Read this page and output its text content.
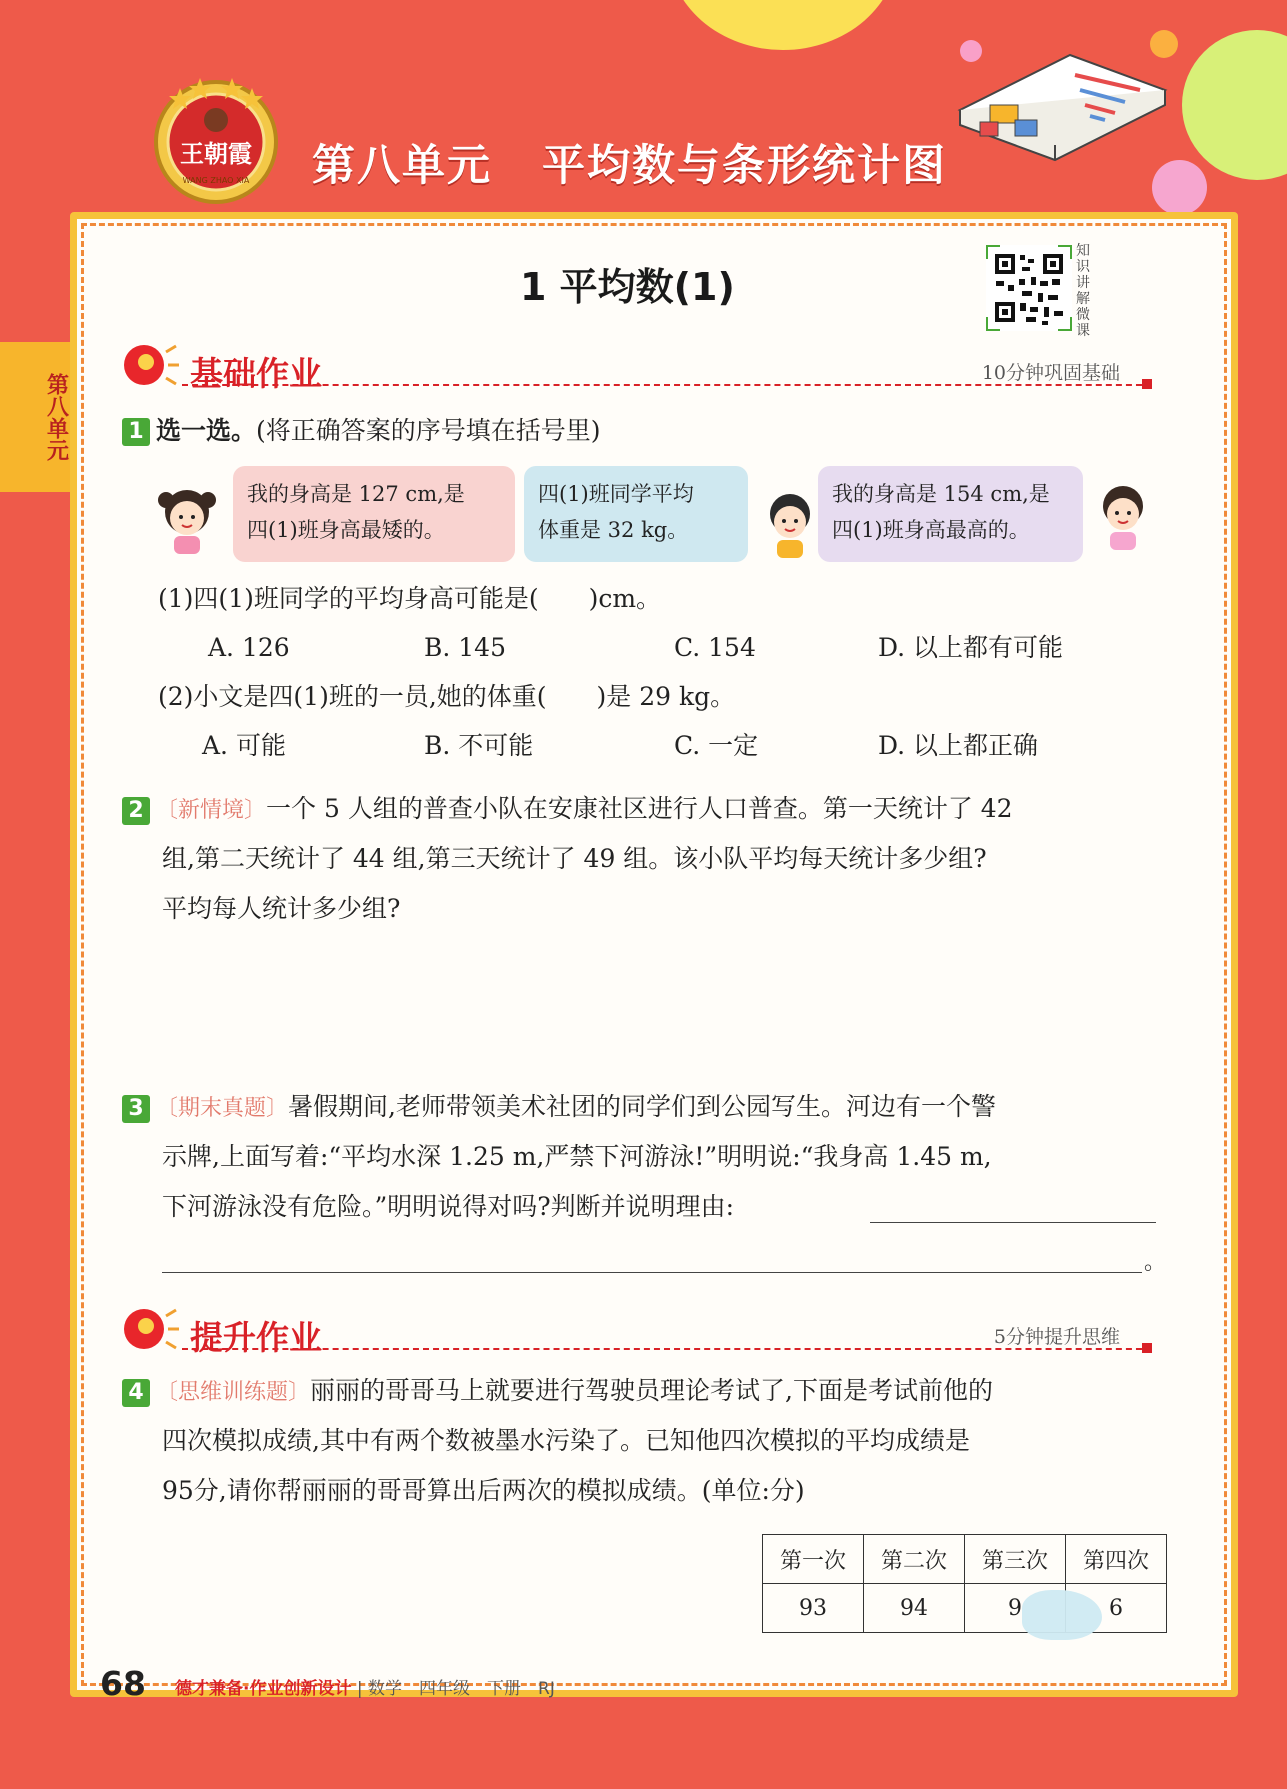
王朝霞
WANG ZHAO XIA	第八单元 平均数与条形统计图
第八单元
1 平均数(1)
知识讲解微课
基础作业	10分钟巩固基础
1 选一选。(将正确答案的序号填在括号里)
我的身高是 127 cm,是
四(1)班身高最矮的。
四(1)班同学平均
体重是 32 kg。
我的身高是 154 cm,是
四(1)班身高最高的。
(1)四(1)班同学的平均身高可能是(　　)cm。
A. 126	B. 145	C. 154	D. 以上都有可能
(2)小文是四(1)班的一员,她的体重(　　)是 29 kg。
A. 可能	B. 不可能	C. 一定	D. 以上都正确
2 〔新情境〕一个 5 人组的普查小队在安康社区进行人口普查。第一天统计了 42
组,第二天统计了 44 组,第三天统计了 49 组。该小队平均每天统计多少组?
平均每人统计多少组?
3 〔期末真题〕暑假期间,老师带领美术社团的同学们到公园写生。河边有一个警
示牌,上面写着:“平均水深 1.25 m,严禁下河游泳!”明明说:“我身高 1.45 m,
下河游泳没有危险。”明明说得对吗?判断并说明理由:
。
提升作业	5分钟提升思维
4 〔思维训练题〕丽丽的哥哥马上就要进行驾驶员理论考试了,下面是考试前他的
四次模拟成绩,其中有两个数被墨水污染了。已知他四次模拟的平均成绩是
95分,请你帮丽丽的哥哥算出后两次的模拟成绩。(单位:分)
第一次	第二次	第三次	第四次
93	94	9	6
68 德才兼备·作业创新设计 | 数学　四年级　下册　RJ
